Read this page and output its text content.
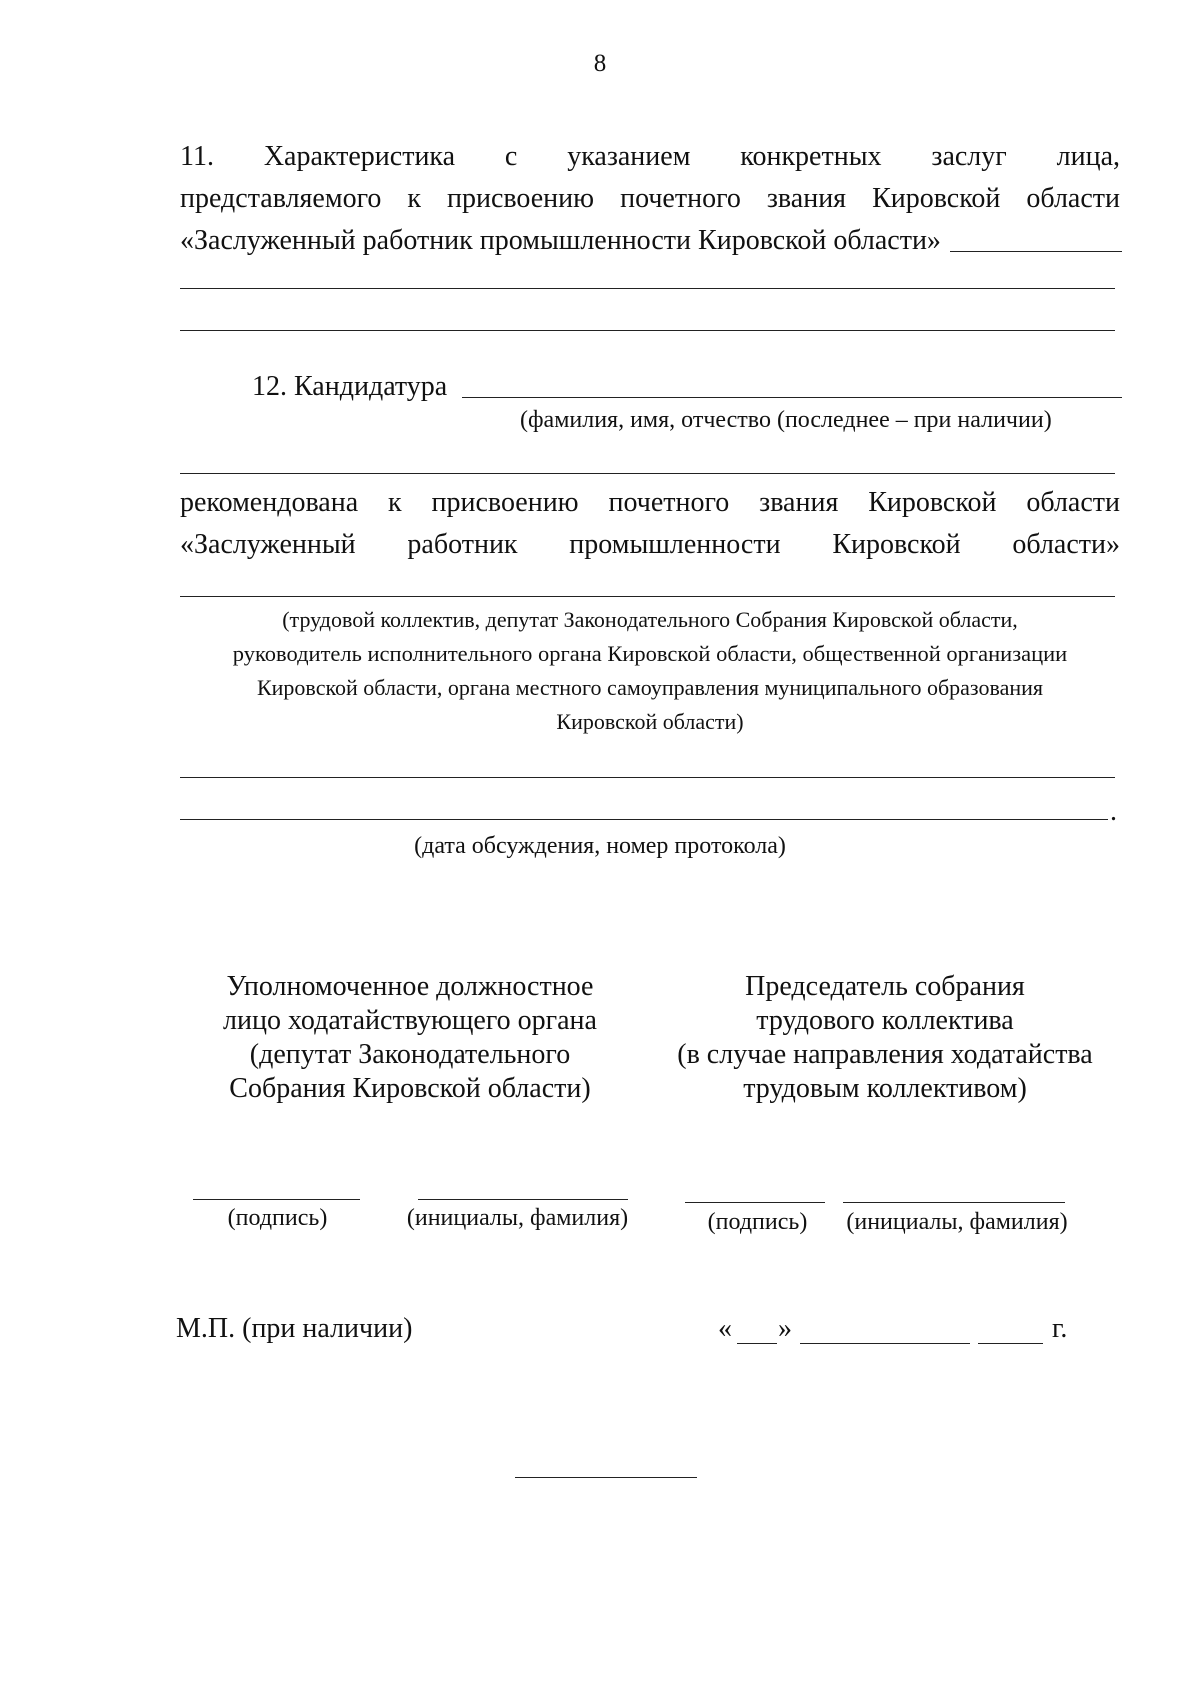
8
11. Характеристика с указанием конкретных заслуг лица,
представляемого к присвоению почетного звания Кировской области
«Заслуженный работник промышленности Кировской области»
12. Кандидатура
(фамилия, имя, отчество (последнее – при наличии)
рекомендована к присвоению почетного звания Кировской области
«Заслуженный работник промышленности Кировской области»
(трудовой коллектив, депутат Законодательного Собрания Кировской области,
руководитель исполнительного органа Кировской области, общественной организации
Кировской области, органа местного самоуправления муниципального образования
Кировской области)
.
(дата обсуждения, номер протокола)
Уполномоченное должностное
лицо ходатайствующего органа
(депутат Законодательного
Собрания Кировской области)
Председатель собрания
трудового коллектива
(в случае направления ходатайства
трудовым коллективом)
(подпись)	(инициалы, фамилия)	(подпись)	(инициалы, фамилия)
М.П. (при наличии)	« »	г.
